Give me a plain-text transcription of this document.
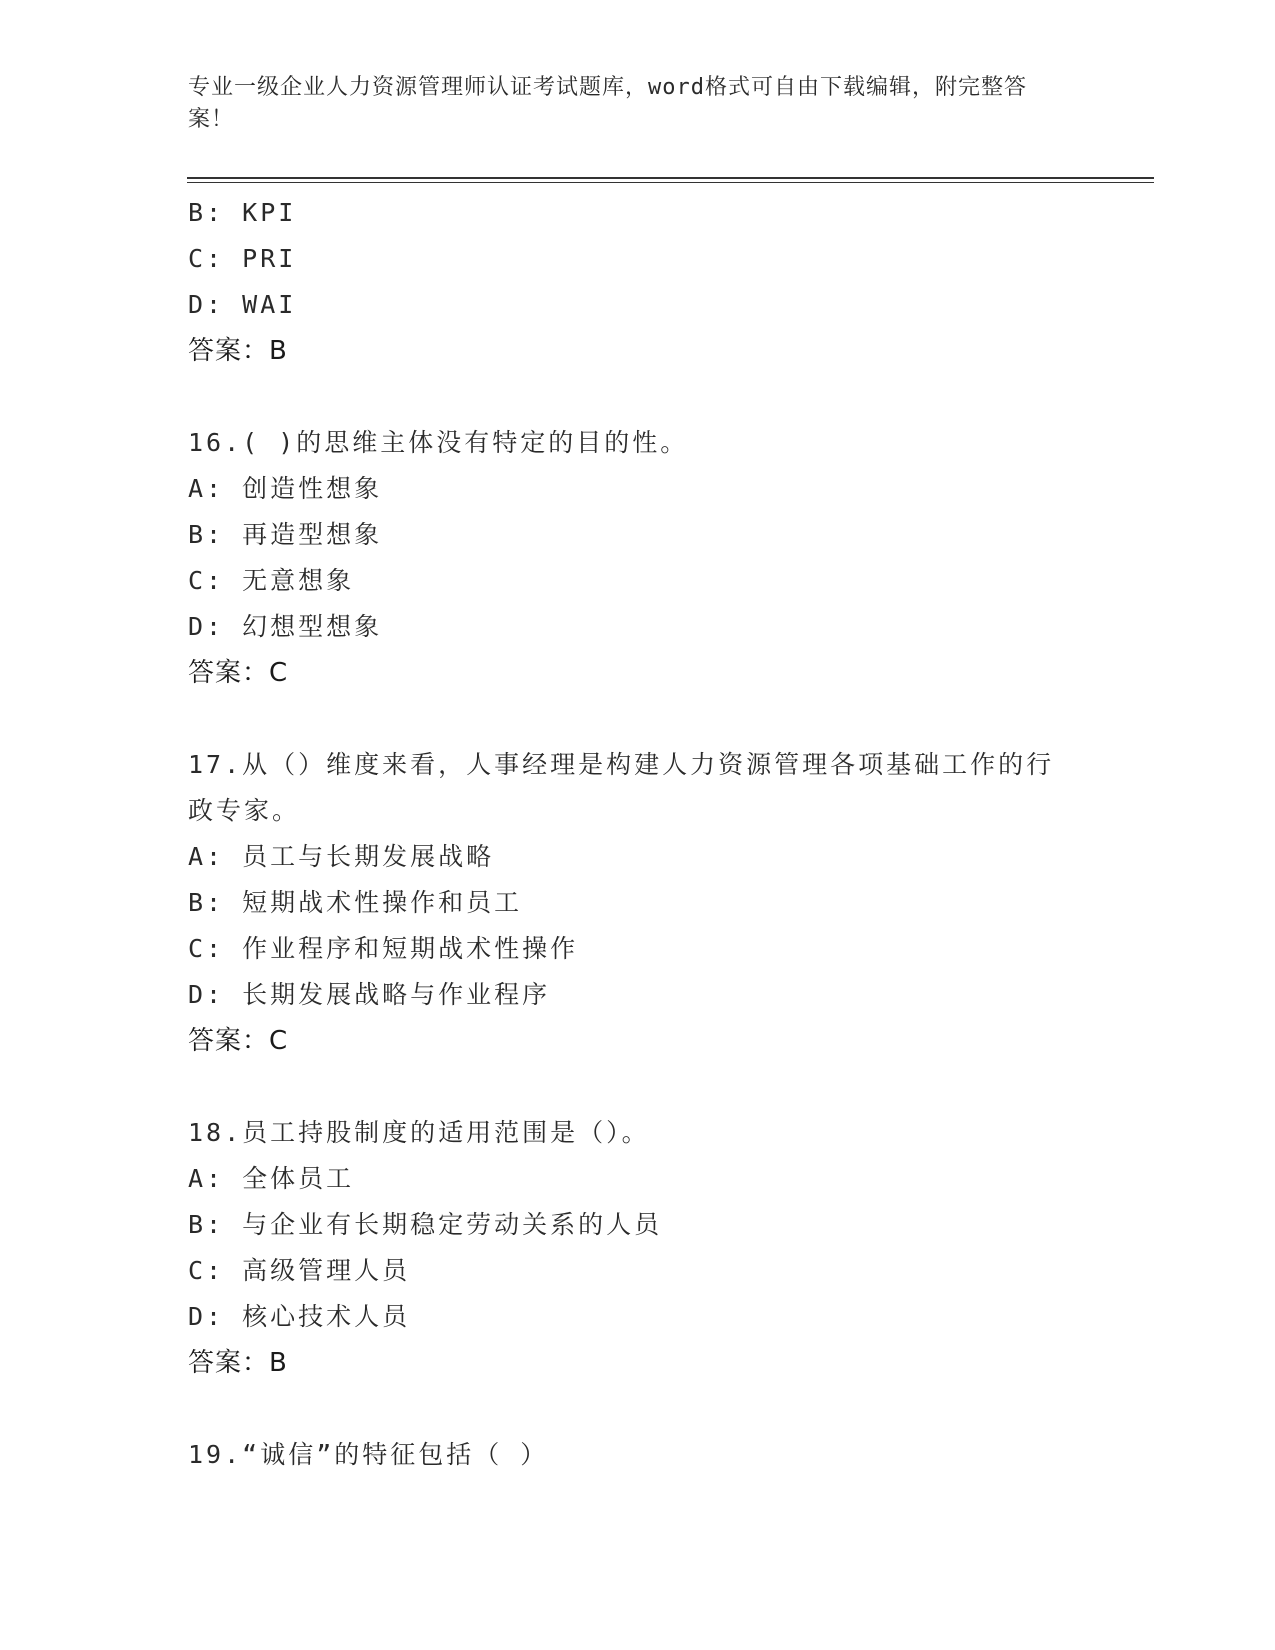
专业一级企业人力资源管理师认证考试题库，word格式可自由下载编辑，附完整答案！
B: KPI
C: PRI
D: WAI
答案：B
16.( )的思维主体没有特定的目的性。
A: 创造性想象
B: 再造型想象
C: 无意想象
D: 幻想型想象
答案：C
17.从（）维度来看，人事经理是构建人力资源管理各项基础工作的行
政专家。
A: 员工与长期发展战略
B: 短期战术性操作和员工
C: 作业程序和短期战术性操作
D: 长期发展战略与作业程序
答案：C
18.员工持股制度的适用范围是（）。
A: 全体员工
B: 与企业有长期稳定劳动关系的人员
C: 高级管理人员
D: 核心技术人员
答案：B
19.“诚信”的特征包括（ ）
